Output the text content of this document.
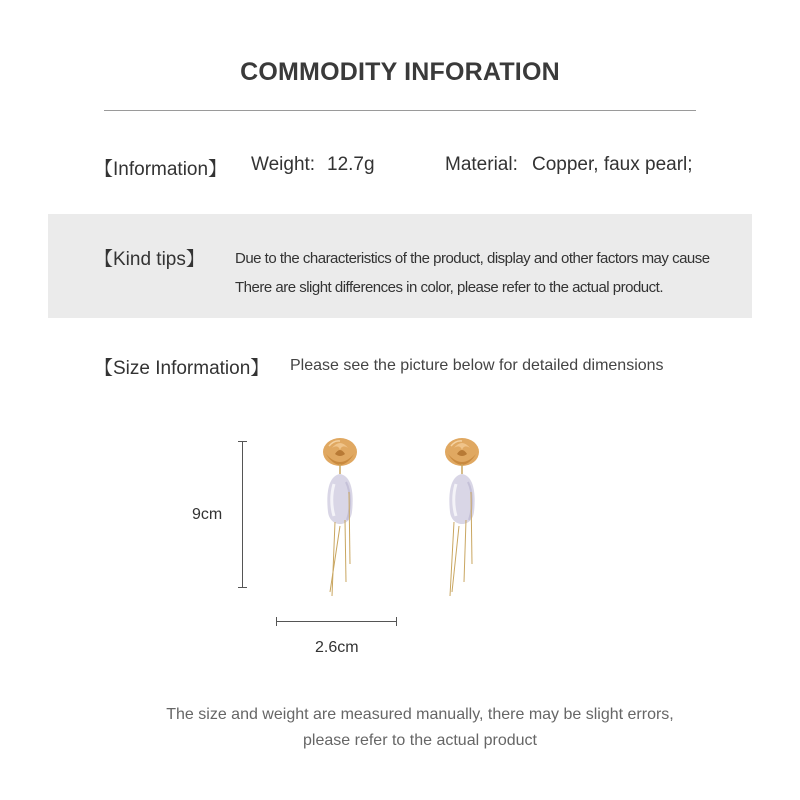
COMMODITY INFORATION
【Information】 Weight: 12.7g	Material: Copper, faux pearl;
【Kind tips】 Due to the characteristics of the product, display and other factors may cause
There are slight differences in color, please refer to the actual product.
【Size Information】 Please see the picture below for detailed dimensions
9cm
2.6cm
The size and weight are measured manually, there may be slight errors,
please refer to the actual product
